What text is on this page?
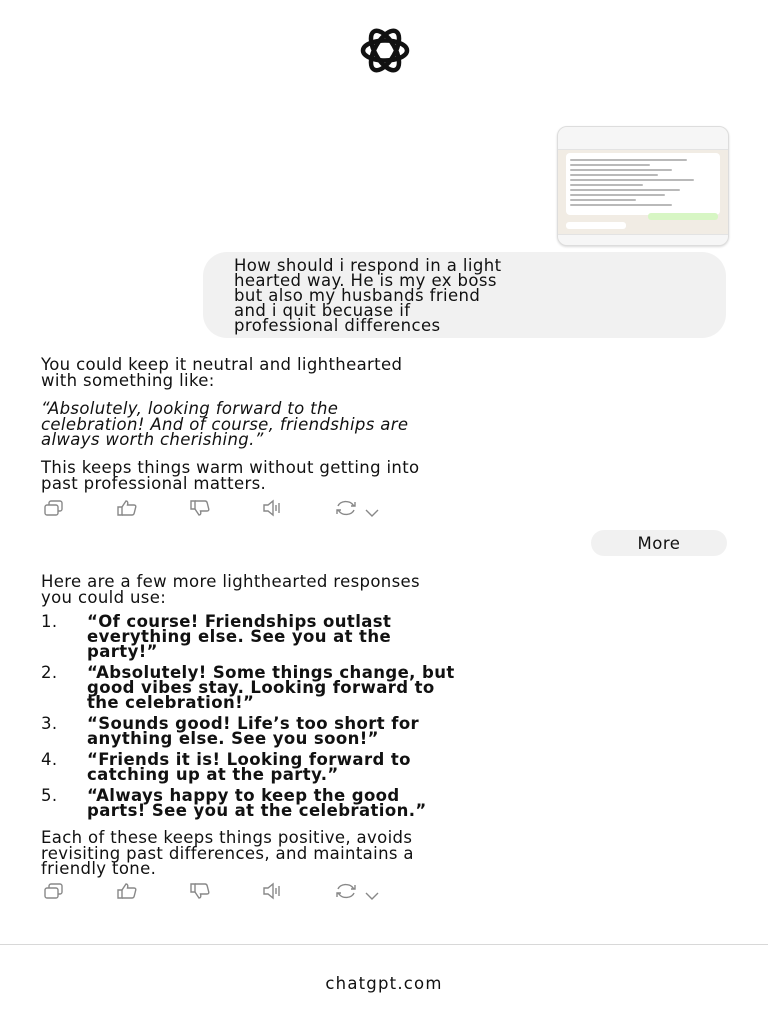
How should i respond in a light
hearted way. He is my ex boss
but also my husbands friend
and i quit becuase if
professional differences
You could keep it neutral and lighthearted
with something like:
“Absolutely, looking forward to the
celebration! And of course, friendships are
always worth cherishing.”
This keeps things warm without getting into
past professional matters.
More
Here are a few more lighthearted responses
you could use:
1. “Of course! Friendships outlast
everything else. See you at the
party!”
2. “Absolutely! Some things change, but
good vibes stay. Looking forward to
the celebration!”
3. “Sounds good! Life’s too short for
anything else. See you soon!”
4. “Friends it is! Looking forward to
catching up at the party.”
5. “Always happy to keep the good
parts! See you at the celebration.”
Each of these keeps things positive, avoids
revisiting past differences, and maintains a
friendly tone.
chatgpt.com
